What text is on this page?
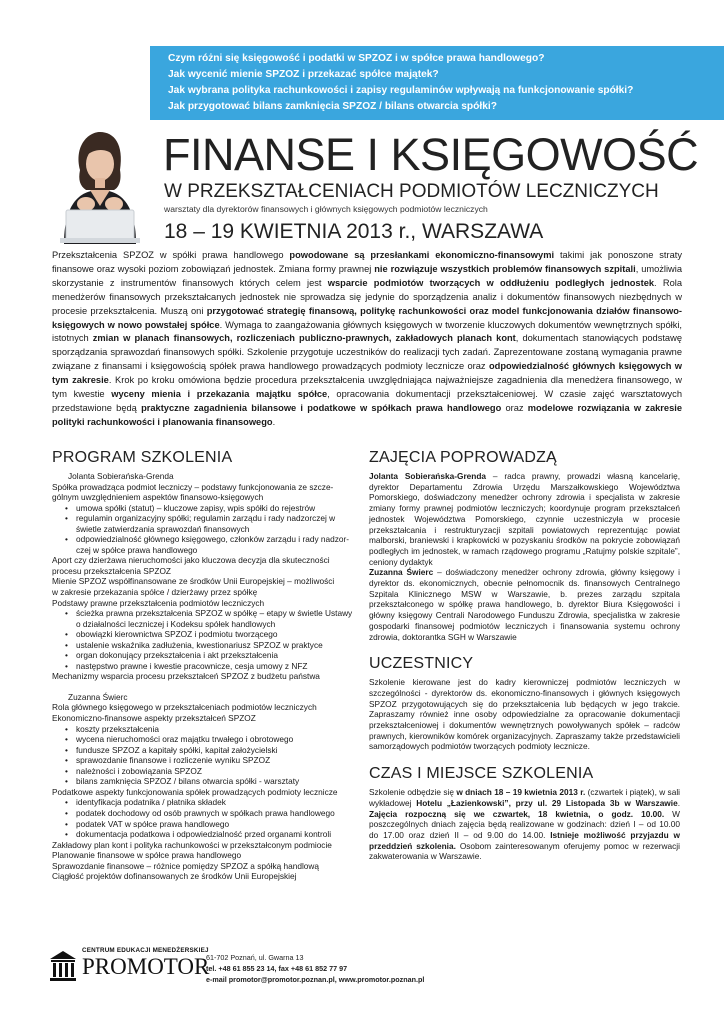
Czym różni się księgowość i podatki w SPZOZ i w spółce prawa handlowego?
Jak wycenić mienie SPZOZ i przekazać spółce majątek?
Jak wybrana polityka rachunkowości i zapisy regulaminów wpływają na funkcjonowanie spółki?
Jak przygotować bilans zamknięcia SPZOZ / bilans otwarcia spółki?
FINANSE I KSIĘGOWOŚĆ
W PRZEKSZTAŁCENIACH PODMIOTÓW LECZNICZYCH
warsztaty dla dyrektorów finansowych i głównych księgowych podmiotów leczniczych
18 – 19 KWIETNIA 2013 r., WARSZAWA
Przekształcenia SPZOZ w spółki prawa handlowego powodowane są przesłankami ekonomiczno-finansowymi takimi jak ponoszone straty finansowe oraz wysoki poziom zobowiązań jednostek. Zmiana formy prawnej nie rozwiązuje wszystkich problemów finansowych szpitali, umożliwia skorzystanie z instrumentów finansowych których celem jest wsparcie podmiotów tworzących w oddłużeniu podległych jednostek. Rola menedżerów finansowych przekształcanych jednostek nie sprowadza się jedynie do sporządzenia analiz i dokumentów finansowych niezbędnych w procesie przekształcenia. Muszą oni przygotować strategię finansową, politykę rachunkowości oraz model funkcjonowania działów finansowo-księgowych w nowo powstałej spółce. Wymaga to zaangażowania głównych księgowych w tworzenie kluczowych dokumentów wewnętrznych spółki, istotnych zmian w planach finansowych, rozliczeniach publiczno-prawnych, zakładowych planach kont, dokumentach stanowiących podstawę sporządzania sprawozdań finansowych spółki. Szkolenie przygotuje uczestników do realizacji tych zadań. Zaprezentowane zostaną wymagania prawne związane z finansami i księgowością spółek prawa handlowego prowadzących podmioty lecznicze oraz odpowiedzialność głównych księgowych w tym zakresie. Krok po kroku omówiona będzie procedura przekształcenia uwzględniająca najważniejsze zagadnienia dla menedżera finansowego, w tym kwestie wyceny mienia i przekazania majątku spółce, opracowania dokumentacji przekształceniowej. W czasie zajęć warsztatowych przedstawione będą praktyczne zagadnienia bilansowe i podatkowe w spółkach prawa handlowego oraz modelowe rozwiązania w zakresie polityki rachunkowości i planowania finansowego.
PROGRAM SZKOLENIA
Jolanta Sobierańska-Grenda
Spółka prowadząca podmiot leczniczy – podstawy funkcjonowania ze szcze-
gólnym uwzględnieniem aspektów finansowo-księgowych
• umowa spółki (statut) – kluczowe zapisy, wpis spółki do rejestrów
• regulamin organizacyjny spółki; regulamin zarządu i rady nadzorczej w
świetle zatwierdzania sprawozdań finansowych
• odpowiedzialność głównego księgowego, członków zarządu i rady nadzor-
czej w spółce prawa handlowego
Aport czy dzierżawa nieruchomości jako kluczowa decyzja dla skuteczności
procesu przekształcenia SPZOZ
Mienie SPZOZ współfinansowane ze środków Unii Europejskiej – możliwości
w zakresie przekazania spółce / dzierżawy przez spółkę
Podstawy prawne przekształcenia podmiotów leczniczych
• ścieżka prawna przekształcenia SPZOZ w spółkę – etapy w świetle Ustawy
o działalności leczniczej i Kodeksu spółek handlowych
• obowiązki kierownictwa SPZOZ i podmiotu tworzącego
• ustalenie wskaźnika zadłużenia, kwestionariusz SPZOZ w praktyce
• organ dokonujący przekształcenia i akt przekształcenia
• następstwo prawne i kwestie pracownicze, cesja umowy z NFZ
Mechanizmy wsparcia procesu przekształceń SPZOZ z budżetu państwa
Zuzanna Świerc
Rola głównego księgowego w przekształceniach podmiotów leczniczych
Ekonomiczno-finansowe aspekty przekształceń SPZOZ
• koszty przekształcenia
• wycena nieruchomości oraz majątku trwałego i obrotowego
• fundusze SPZOZ a kapitały spółki, kapitał założycielski
• sprawozdanie finansowe i rozliczenie wyniku SPZOZ
• należności i zobowiązania SPZOZ
• bilans zamknięcia SPZOZ / bilans otwarcia spółki - warsztaty
Podatkowe aspekty funkcjonowania spółek prowadzących podmioty lecznicze
• identyfikacja podatnika / płatnika składek
• podatek dochodowy od osób prawnych w spółkach prawa handlowego
• podatek VAT w spółce prawa handlowego
• dokumentacja podatkowa i odpowiedzialność przed organami kontroli
Zakładowy plan kont i polityka rachunkowości w przekształconym podmiocie
Planowanie finansowe w spółce prawa handlowego
Sprawozdanie finansowe – różnice pomiędzy SPZOZ a spółką handlową
Ciągłość projektów dofinansowanych ze środków Unii Europejskiej
ZAJĘCIA POPROWADZĄ
Jolanta Sobierańska-Grenda – radca prawny, prowadzi własną kancelarię, dyrektor Departamentu Zdrowia Urzędu Marszałkowskiego Województwa Pomorskiego, doświadczony menedżer ochrony zdrowia i specjalista w zakresie zmiany formy prawnej podmiotów leczniczych; koordynuje program przekształceń jednostek Województwa Pomorskiego, czynnie uczestniczyła w procesie przekształcania i restrukturyzacji szpitali powiatowych reprezentując powiat malborski, braniewski i krapkowicki w pozyskaniu środków na pokrycie zobowiązań podległych im jednostek, w ramach rządowego programu „Ratujmy polskie szpitale”, ceniony dydaktyk
Zuzanna Świerc – doświadczony menedżer ochrony zdrowia, główny księgowy i dyrektor ds. ekonomicznych, obecnie pełnomocnik ds. finansowych Centralnego Szpitala Klinicznego MSW w Warszawie, b. prezes zarządu szpitala przekształconego w spółkę prawa handlowego, b. dyrektor Biura Księgowości i główny księgowy Centrali Narodowego Funduszu Zdrowia, specjalistka w zakresie gospodarki finansowej podmiotów leczniczych i finansowania systemu ochrony zdrowia, doktorantka SGH w Warszawie
UCZESTNICY
Szkolenie kierowane jest do kadry kierowniczej podmiotów leczniczych w szczególności - dyrektorów ds. ekonomiczno-finansowych i głównych księgowych SPZOZ przygotowujących się do przekształcenia lub będących w jego trakcie. Zapraszamy również inne osoby odpowiedzialne za opracowanie dokumentacji przekształceniowej i dokumentów wewnętrznych powoływanych spółek – radców prawnych, kierowników komórek organizacyjnych. Zapraszamy także przedstawicieli samorządowych podmiotów tworzących podmioty lecznicze.
CZAS I MIEJSCE SZKOLENIA
Szkolenie odbędzie się w dniach 18 – 19 kwietnia 2013 r. (czwartek i piątek), w sali wykładowej Hotelu „Łazienkowski”, przy ul. 29 Listopada 3b w Warszawie. Zajęcia rozpoczną się we czwartek, 18 kwietnia, o godz. 10.00. W poszczególnych dniach zajęcia będą realizowane w godzinach: dzień I – od 10.00 do 17.00 oraz dzień II – od 9.00 do 14.00. Istnieje możliwość przyjazdu w przeddzień szkolenia. Osobom zainteresowanym oferujemy pomoc w rezerwacji zakwaterowania w Warszawie.
CENTRUM EDUKACJI MENEDŻERSKIEJ
PROMOTOR
61-702 Poznań, ul. Gwarna 13
tel. +48 61 855 23 14, fax +48 61 852 77 97
e-mail promotor@promotor.poznan.pl, www.promotor.poznan.pl
